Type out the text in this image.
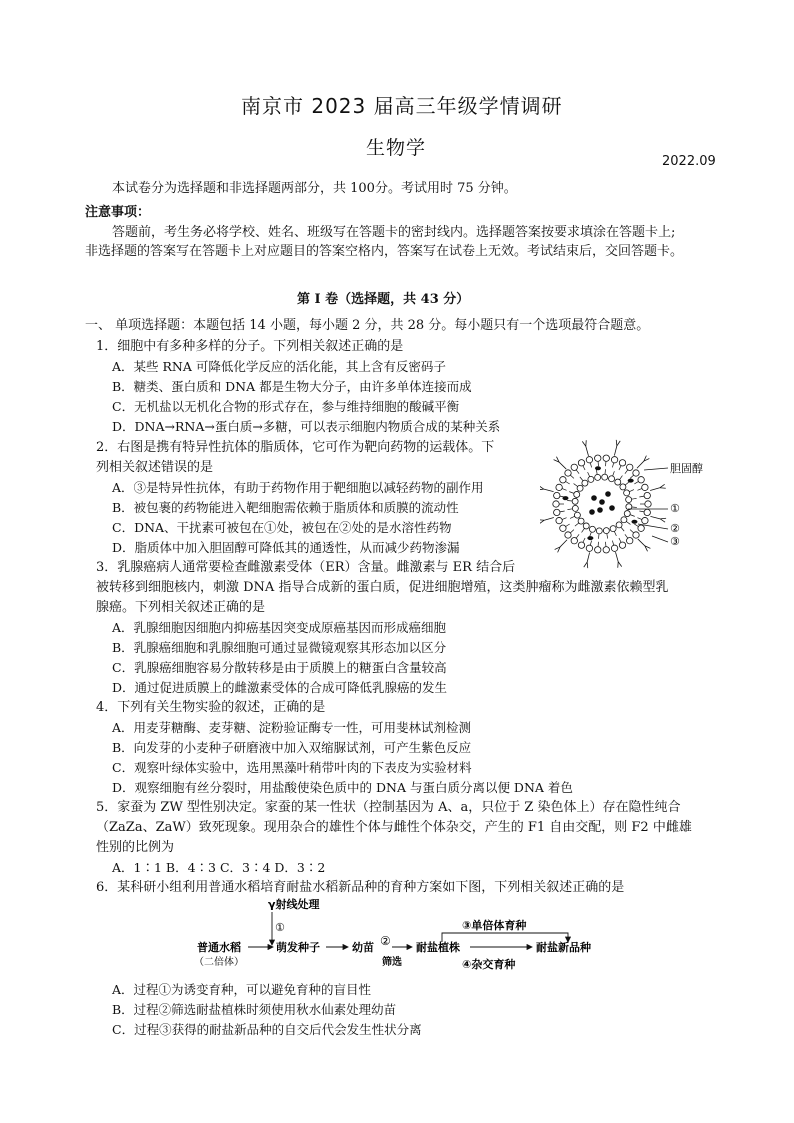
南京市 2023 届高三年级学情调研
生物学
2022.09
本试卷分为选择题和非选择题两部分，共 100分。考试用时 75 分钟。
注意事项：
答题前，考生务必将学校、姓名、班级写在答题卡的密封线内。选择题答案按要求填涂在答题卡上;
非选择题的答案写在答题卡上对应题目的答案空格内，答案写在试卷上无效。考试结束后，交回答题卡。
第 Ⅰ 卷（选择题，共 43 分）
一、 单项选择题：本题包括 14 小题，每小题 2 分，共 28 分。每小题只有一个选项最符合题意。
1．细胞中有多种多样的分子。下列相关叙述正确的是
A．某些 RNA 可降低化学反应的活化能，其上含有反密码子
B．糖类、蛋白质和 DNA 都是生物大分子，由许多单体连接而成
C．无机盐以无机化合物的形式存在，参与维持细胞的酸碱平衡
D．DNA→RNA→蛋白质→多糖，可以表示细胞内物质合成的某种关系
2．右图是携有特异性抗体的脂质体，它可作为靶向药物的运载体。下
列相关叙述错误的是
A．③是特异性抗体，有助于药物作用于靶细胞以减轻药物的副作用
B．被包裹的药物能进入靶细胞需依赖于脂质体和质膜的流动性
C．DNA、干扰素可被包在①处，被包在②处的是水溶性药物
D．脂质体中加入胆固醇可降低其的通透性，从而减少药物渗漏
胆固醇
①
②
③
3．乳腺癌病人通常要检查雌激素受体（ER）含量。雌激素与 ER 结合后
被转移到细胞核内，刺激 DNA 指导合成新的蛋白质，促进细胞增殖，这类肿瘤称为雌激素依赖型乳
腺癌。下列相关叙述正确的是
A．乳腺细胞因细胞内抑癌基因突变成原癌基因而形成癌细胞
B．乳腺癌细胞和乳腺细胞可通过显微镜观察其形态加以区分
C．乳腺癌细胞容易分散转移是由于质膜上的糖蛋白含量较高
D．通过促进质膜上的雌激素受体的合成可降低乳腺癌的发生
4．下列有关生物实验的叙述，正确的是
A．用麦芽糖酶、麦芽糖、淀粉验证酶专一性，可用斐林试剂检测
B．向发芽的小麦种子研磨液中加入双缩脲试剂，可产生紫色反应
C．观察叶绿体实验中，选用黑藻叶稍带叶肉的下表皮为实验材料
D．观察细胞有丝分裂时，用盐酸使染色质中的 DNA 与蛋白质分离以便 DNA 着色
5．家蚕为 ZW 型性别决定。家蚕的某一性状（控制基因为 A、a，只位于 Z 染色体上）存在隐性纯合
（ZaZa、ZaW）致死现象。现用杂合的雄性个体与雌性个体杂交，产生的 F1 自由交配，则 F2 中雌雄
性别的比例为
A．1∶1 B．4∶3 C．3∶4 D．3∶2
6．某科研小组利用普通水稻培育耐盐水稻新品种的育种方案如下图，下列相关叙述正确的是
γ射线处理
①
普通水稻
（二倍体）
萌发种子	幼苗 ②
筛选
耐盐植株	耐盐新品种
③单倍体育种
④杂交育种
A．过程①为诱变育种，可以避免育种的盲目性
B．过程②筛选耐盐植株时须使用秋水仙素处理幼苗
C．过程③获得的耐盐新品种的自交后代会发生性状分离
